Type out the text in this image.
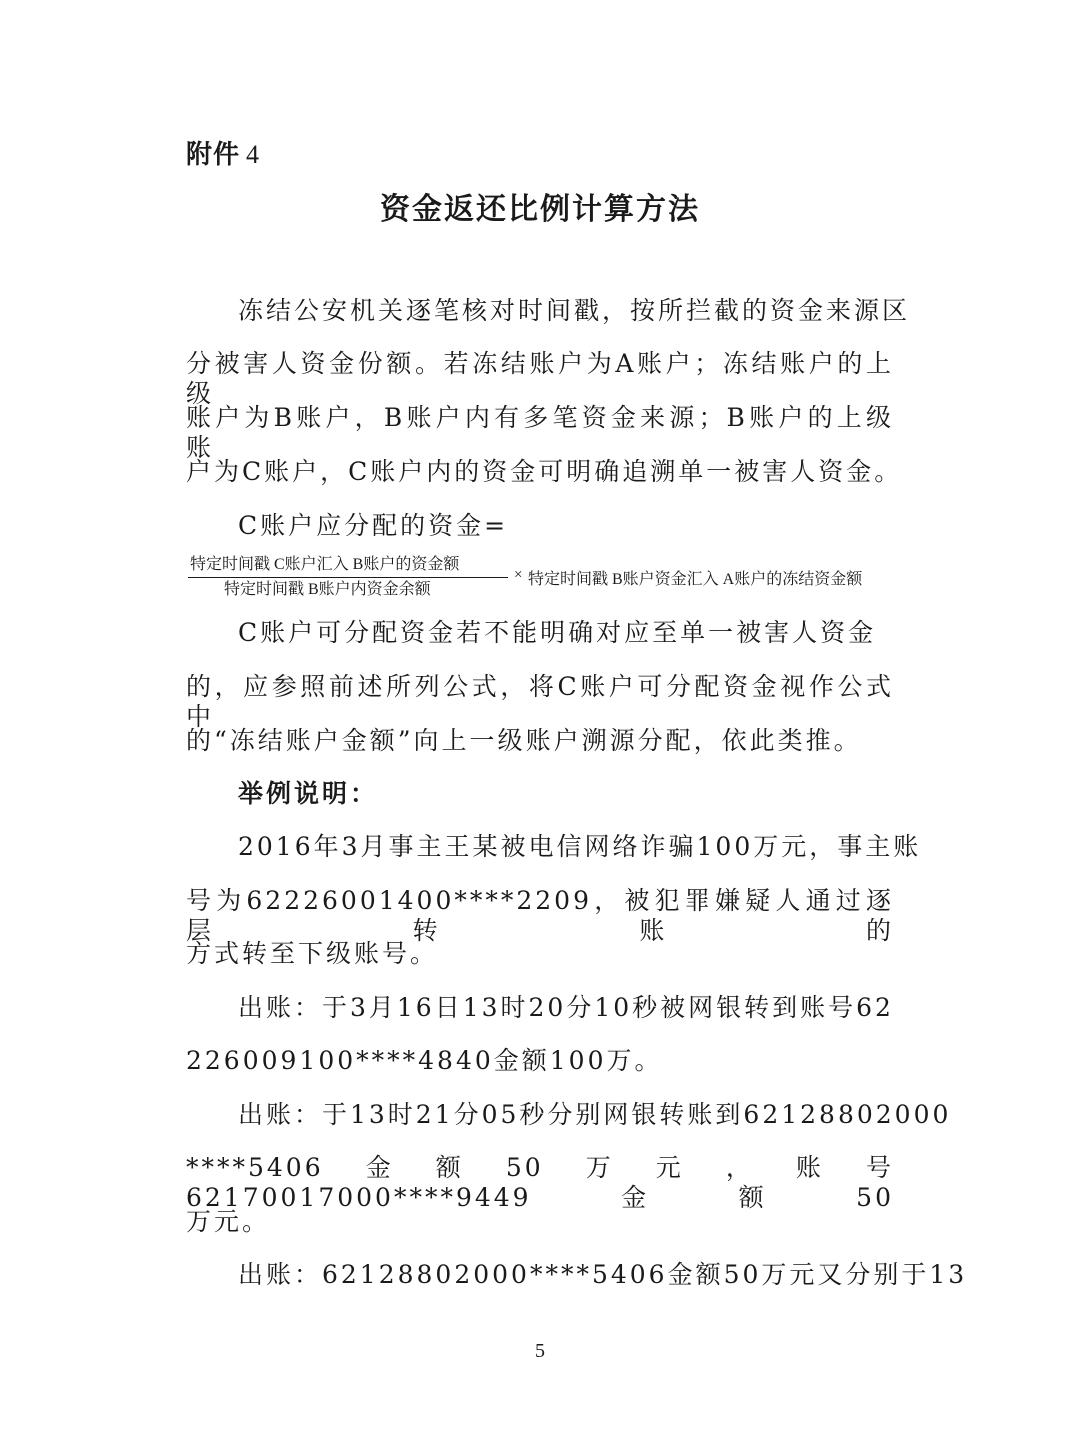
附件 4
资金返还比例计算方法
冻结公安机关逐笔核对时间戳，按所拦截的资金来源区
分被害人资金份额。若冻结账户为A账户；冻结账户的上级
账户为B账户，B账户内有多笔资金来源；B账户的上级账
户为C账户，C账户内的资金可明确追溯单一被害人资金。
C账户应分配的资金=
特定时间戳 C账户汇入 B账户的资金额
特定时间戳 B账户内资金余额
× 特定时间戳 B账户资金汇入 A账户的冻结资金额
C账户可分配资金若不能明确对应至单一被害人资金
的，应参照前述所列公式，将C账户可分配资金视作公式中
的“冻结账户金额”向上一级账户溯源分配，依此类推。
举例说明：
2016年3月事主王某被电信网络诈骗100万元，事主账
号为62226001400****2209，被犯罪嫌疑人通过逐层转账的
方式转至下级账号。
出账：于3月16日13时20分10秒被网银转到账号62
226009100****4840金额100万。
出账：于13时21分05秒分别网银转账到62128802000
****5406金额50万元，账号62170017000****9449金额50
万元。
出账：62128802000****5406金额50万元又分别于13
5
